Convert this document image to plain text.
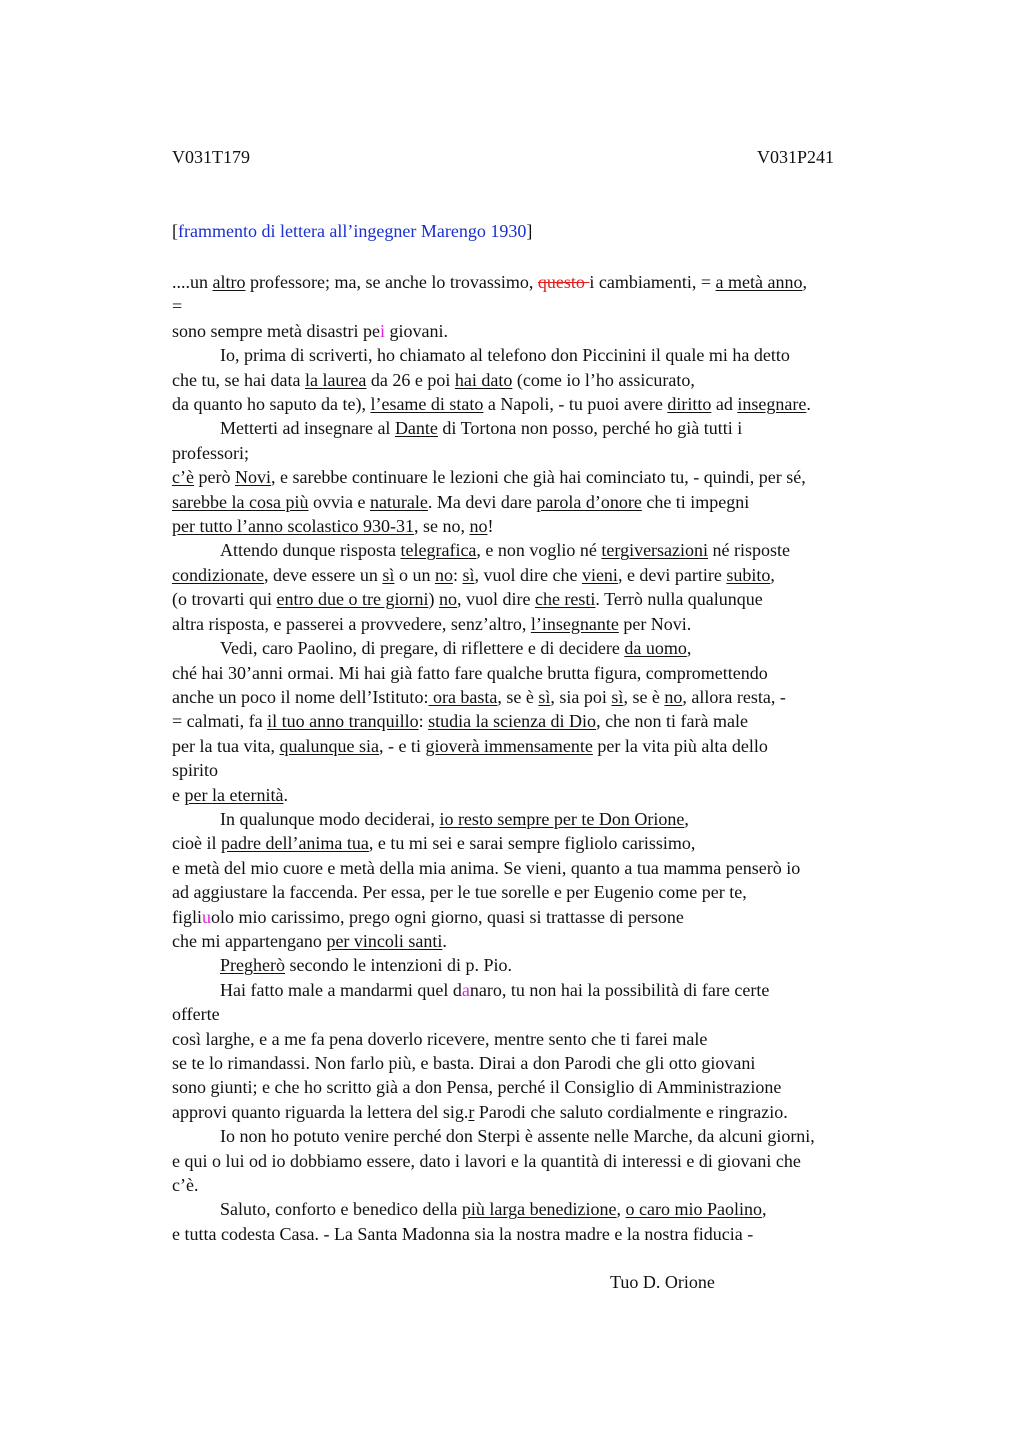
V031T179	V031P241
[frammento di lettera all’ingegner Marengo 1930]

....un altro professore; ma, se anche lo trovassimo, questo i cambiamenti, = a metà anno,

=

sono sempre metà disastri pei giovani.

Io, prima di scriverti, ho chiamato al telefono don Piccinini il quale mi ha detto

che tu, se hai data la laurea da 26 e poi hai dato (come io l’ho assicurato,

da quanto ho saputo da te), l’esame di stato a Napoli, - tu puoi avere diritto ad insegnare.

Metterti ad insegnare al Dante di Tortona non posso, perché ho già tutti i

professori;

c’è però Novi, e sarebbe continuare le lezioni che già hai cominciato tu, - quindi, per sé,

sarebbe la cosa più ovvia e naturale. Ma devi dare parola d’onore che ti impegni

per tutto l’anno scolastico 930-31, se no, no!

Attendo dunque risposta telegrafica, e non voglio né tergiversazioni né risposte

condizionate, deve essere un sì o un no: sì, vuol dire che vieni, e devi partire subito,

(o trovarti qui entro due o tre giorni) no, vuol dire che resti. Terrò nulla qualunque

altra risposta, e passerei a provvedere, senz’altro, l’insegnante per Novi.

Vedi, caro Paolino, di pregare, di riflettere e di decidere da uomo,

ché hai 30’anni ormai. Mi hai già fatto fare qualche brutta figura, compromettendo

anche un poco il nome dell’Istituto: ora basta, se è sì, sia poi sì, se è no, allora resta, -

= calmati, fa il tuo anno tranquillo: studia la scienza di Dio, che non ti farà male

per la tua vita, qualunque sia, - e ti gioverà immensamente per la vita più alta dello

spirito

e per la eternità.

In qualunque modo deciderai, io resto sempre per te Don Orione,

cioè il padre dell’anima tua, e tu mi sei e sarai sempre figliolo carissimo,

e metà del mio cuore e metà della mia anima. Se vieni, quanto a tua mamma penserò io

ad aggiustare la faccenda. Per essa, per le tue sorelle e per Eugenio come per te,

figliuolo mio carissimo, prego ogni giorno, quasi si trattasse di persone

che mi appartengano per vincoli santi.

Pregherò secondo le intenzioni di p. Pio.

Hai fatto male a mandarmi quel danaro, tu non hai la possibilità di fare certe

offerte

così larghe, e a me fa pena doverlo ricevere, mentre sento che ti farei male

se te lo rimandassi. Non farlo più, e basta. Dirai a don Parodi che gli otto giovani

sono giunti; e che ho scritto già a don Pensa, perché il Consiglio di Amministrazione

approvi quanto riguarda la lettera del sig.r Parodi che saluto cordialmente e ringrazio.

Io non ho potuto venire perché don Sterpi è assente nelle Marche, da alcuni giorni,

e qui o lui od io dobbiamo essere, dato i lavori e la quantità di interessi e di giovani che

c’è.

Saluto, conforto e benedico della più larga benedizione, o caro mio Paolino,

e tutta codesta Casa. - La Santa Madonna sia la nostra madre e la nostra fiducia -

Tuo D. Orione
